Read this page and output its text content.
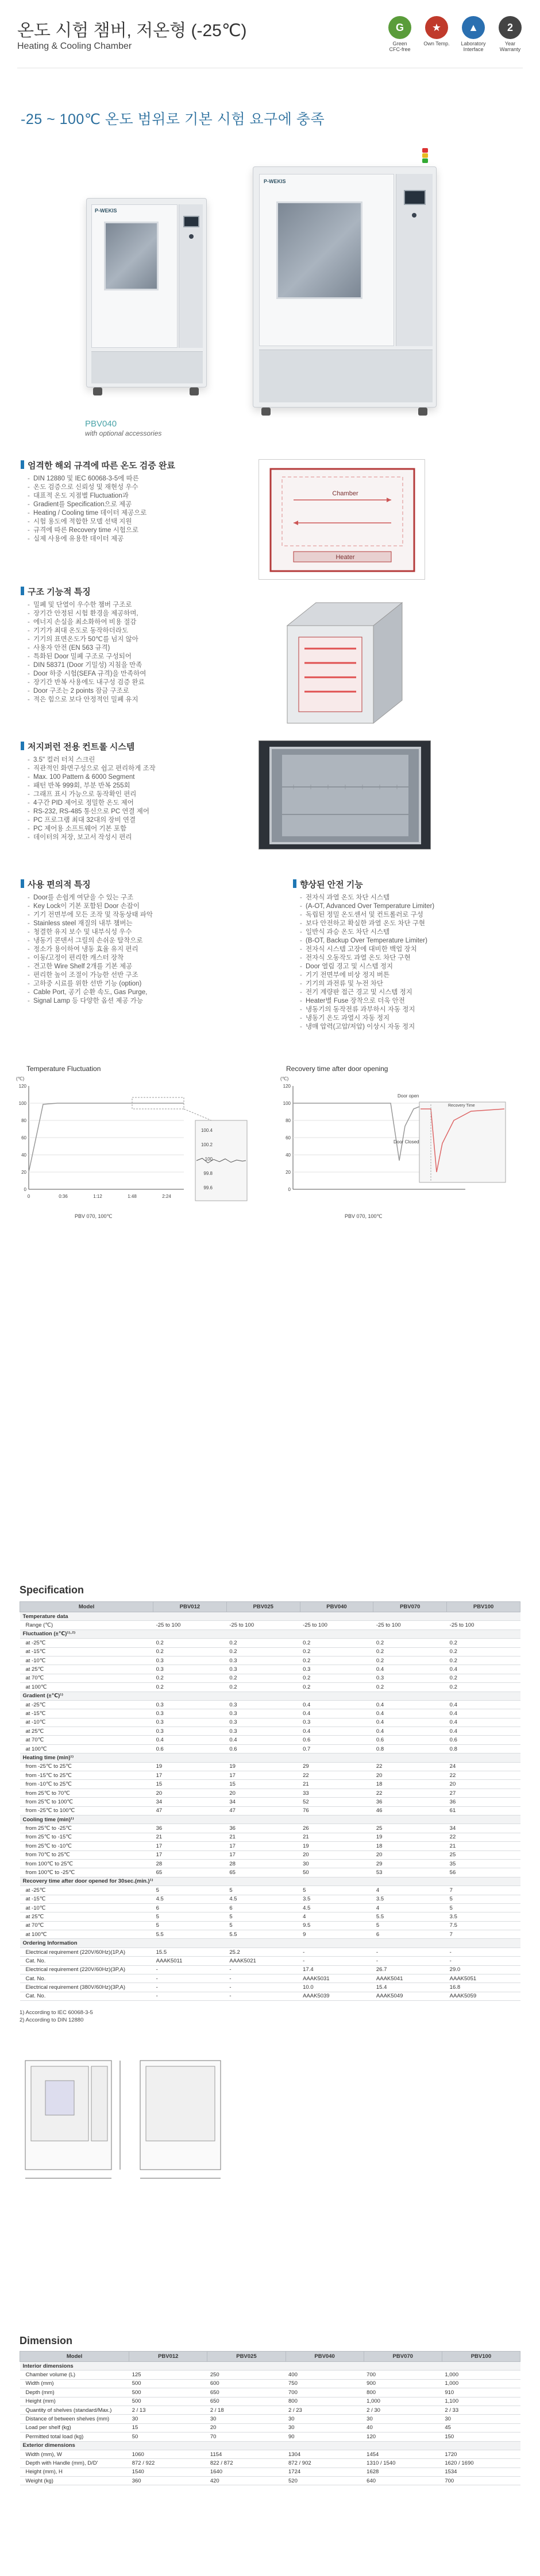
온도 시험 챔버, 저온형 (-25℃)
Heating & Cooling Chamber
G
Green CFC-free
★
Own Temp.
▲
Laboratory Interface
2
Year Warranty
-25 ~ 100℃ 온도 범위로 기본 시험 요구에 충족
P-WEKIS
P-WEKIS
PBV040
with optional accessories
엄격한 해외 규격에 따른 온도 검증 완료
- DIN 12880 및 IEC 60068-3-5에 따른
- 온도 검증으로 신뢰성 및 재현성 우수
- 대표적 온도 지점별 Fluctuation과
- Gradient를 Specification으로 제공
- Heating / Cooling time 데이터 제공으로
- 시험 용도에 적합한 모델 선택 지원
- 규격에 따른 Recovery time 시험으로
- 실제 사용에 유용한 데이터 제공
Chamber
Heater
구조 기능적 특징
- 밀폐 및 단열이 우수한 챔버 구조로
- 장기간 안정된 시험 환경을 제공하며,
- 에너지 손실을 최소화하여 비용 절감
- 기기가 최대 온도로 동작하더라도
- 기기의 표면온도가 50℃를 넘지 않아
- 사용자 안전 (EN 563 규격)
- 특화된 Door 밀폐 구조로 구성되어
- DIN 58371 (Door 기밀성) 지침을 만족
- Door 하중 시험(SEFA 규격)을 만족하여
- 장기간 반복 사용에도 내구성 검증 완료
- Door 구조는 2 points 잠금 구조로
- 적은 힘으로 보다 안정적인 밀폐 유지
저지퍼런 전용 컨트롤 시스템
- 3.5" 컬러 터치 스크린
- 직관적인 화면구성으로 쉽고 편리하게 조작
- Max. 100 Pattern & 6000 Segment
- 패턴 반복 999회, 부분 반복 255회
- 그래프 표시 가능으로 동작확인 편리
- 4구간 PID 제어로 정밀한 온도 제어
- RS-232, RS-485 통신으로 PC 연결 제어
- PC 프로그램 최대 32대의 장비 연결
- PC 제어용 소프트웨어 기본 포함
- 데이터의 저장, 보고서 작성시 편리
사용 편의적 특징
- Door를 손쉽게 여닫을 수 있는 구조
- Key Lock이 기본 포함된 Door 손잡이
- 기기 전면부에 모든 조작 및 작동상태 파악
- Stainless steel 재질의 내부 챔버는
- 청결한 유지 보수 및 내부식성 우수
- 냉동기 콘덴서 그릴의 손쉬운 탈착으로
- 정소가 용이하여 냉동 효율 유지 편리
- 이동/고정이 편리한 캐스터 장착
- 견고한 Wire Shelf 2개를 기본 제공
- 편리한 높이 조절이 가능한 선반 구조
- 고하중 시료를 위한 선반 기능 (option)
- Cable Port, 공기 순환 속도, Gas Purge,
- Signal Lamp 등 다양한 옵션 제공 가능
향상된 안전 기능
- 전자식 과열 온도 차단 시스템
- (A-OT, Advanced Over Temperature Limiter)
- 독립된 정밀 온도센서 및 컨트롤러로 구성
- 보다 안전하고 확실한 과열 온도 차단 구현
- 일반식 과승 온도 차단 시스템
- (B-OT, Backup Over Temperature Limiter)
- 전자식 시스템 고장에 대비한 백업 장치
- 전자식 오동작도 과열 온도 차단 구현
- Door 열림 경고 및 시스템 정지
- 기기 전면부에 비상 정지 버튼
- 기기의 과전류 및 누전 차단
- 전기 계량판 접근 경고 및 시스템 정지
- Heater별 Fuse 장착으로 더욱 안전
- 냉동기의 동작전류 과부하시 자동 정지
- 냉동기 온도 과열시 자동 정지
- 냉매 압력(고압/저압) 이상시 자동 정지
Temperature Fluctuation
(℃)
120
100
80
60
40
20
0
0	0:36	1:12	1:48	2:24
100.4
100.2
100
99.8
99.6
PBV 070, 100℃
Recovery time after door opening
(℃)
120
100
80
60
40
20
0
Door open
Door Closed
Recovery Time
PBV 070, 100℃
Specification
Model	PBV012	PBV025	PBV040	PBV070	PBV100
Temperature data					
Range (℃)	-25 to 100	-25 to 100	-25 to 100	-25 to 100	-25 to 100
Fluctuation (±℃)¹⁾·²⁾					
at -25℃	0.2	0.2	0.2	0.2	0.2
at -15℃	0.2	0.2	0.2	0.2	0.2
at -10℃	0.3	0.3	0.2	0.2	0.2
at 25℃	0.3	0.3	0.3	0.4	0.4
at 70℃	0.2	0.2	0.2	0.3	0.2
at 100℃	0.2	0.2	0.2	0.2	0.2
Gradient (±℃)¹⁾					
at -25℃	0.3	0.3	0.4	0.4	0.4
at -15℃	0.3	0.3	0.4	0.4	0.4
at -10℃	0.3	0.3	0.3	0.4	0.4
at 25℃	0.3	0.3	0.4	0.4	0.4
at 70℃	0.4	0.4	0.6	0.6	0.6
at 100℃	0.6	0.6	0.7	0.8	0.8
Heating time (min)¹⁾					
from -25℃ to 25℃	19	19	29	22	24
from -15℃ to 25℃	17	17	22	20	22
from -10℃ to 25℃	15	15	21	18	20
from 25℃ to 70℃	20	20	33	22	27
from 25℃ to 100℃	34	34	52	36	36
from -25℃ to 100℃	47	47	76	46	61
Cooling time (min)¹⁾					
from 25℃ to -25℃	36	36	26	25	34
from 25℃ to -15℃	21	21	21	19	22
from 25℃ to -10℃	17	17	19	18	21
from 70℃ to 25℃	17	17	20	20	25
from 100℃ to 25℃	28	28	30	29	35
from 100℃ to -25℃	65	65	50	53	56
Recovery time after door opened for 30sec.(min.)¹⁾					
at -25℃	5	5	5	4	7
at -15℃	4.5	4.5	3.5	3.5	5
at -10℃	6	6	4.5	4	5
at 25℃	5	5	4	5.5	3.5
at 70℃	5	5	9.5	5	7.5
at 100℃	5.5	5.5	9	6	7
Ordering Information					
Electrical requirement (220V/60Hz)(1P,A)	15.5	25.2	-	-	-
Cat. No.	AAAK5011	AAAK5021	-	-	-
Electrical requirement (220V/60Hz)(3P,A)	-	-	17.4	26.7	29.0
Cat. No.	-	-	AAAK5031	AAAK5041	AAAK5051
Electrical requirement (380V/60Hz)(3P,A)	-	-	10.0	15.4	16.8
Cat. No.	-	-	AAAK5039	AAAK5049	AAAK5059
1) According to IEC 60068-3-5
2) According to DIN 12880
Dimension
Model	PBV012	PBV025	PBV040	PBV070	PBV100
Interior dimensions					
Chamber volume (L)	125	250	400	700	1,000
Width (mm)	500	600	750	900	1,000
Depth (mm)	500	650	700	800	910
Height (mm)	500	650	800	1,000	1,100
Quantity of shelves (standard/Max.)	2 / 13	2 / 18	2 / 23	2 / 30	2 / 33
Distance of between shelves (mm)	30	30	30	30	30
Load per shelf (kg)	15	20	30	40	45
Permitted total load (kg)	50	70	90	120	150
Exterior dimensions					
Width (mm), W	1060	1154	1304	1454	1720
Depth with Handle (mm), D/D'	872 / 922	822 / 872	872 / 902	1310 / 1540	1620 / 1690
Height (mm), H	1540	1640	1724	1628	1534
Weight (kg)	360	420	520	640	700
